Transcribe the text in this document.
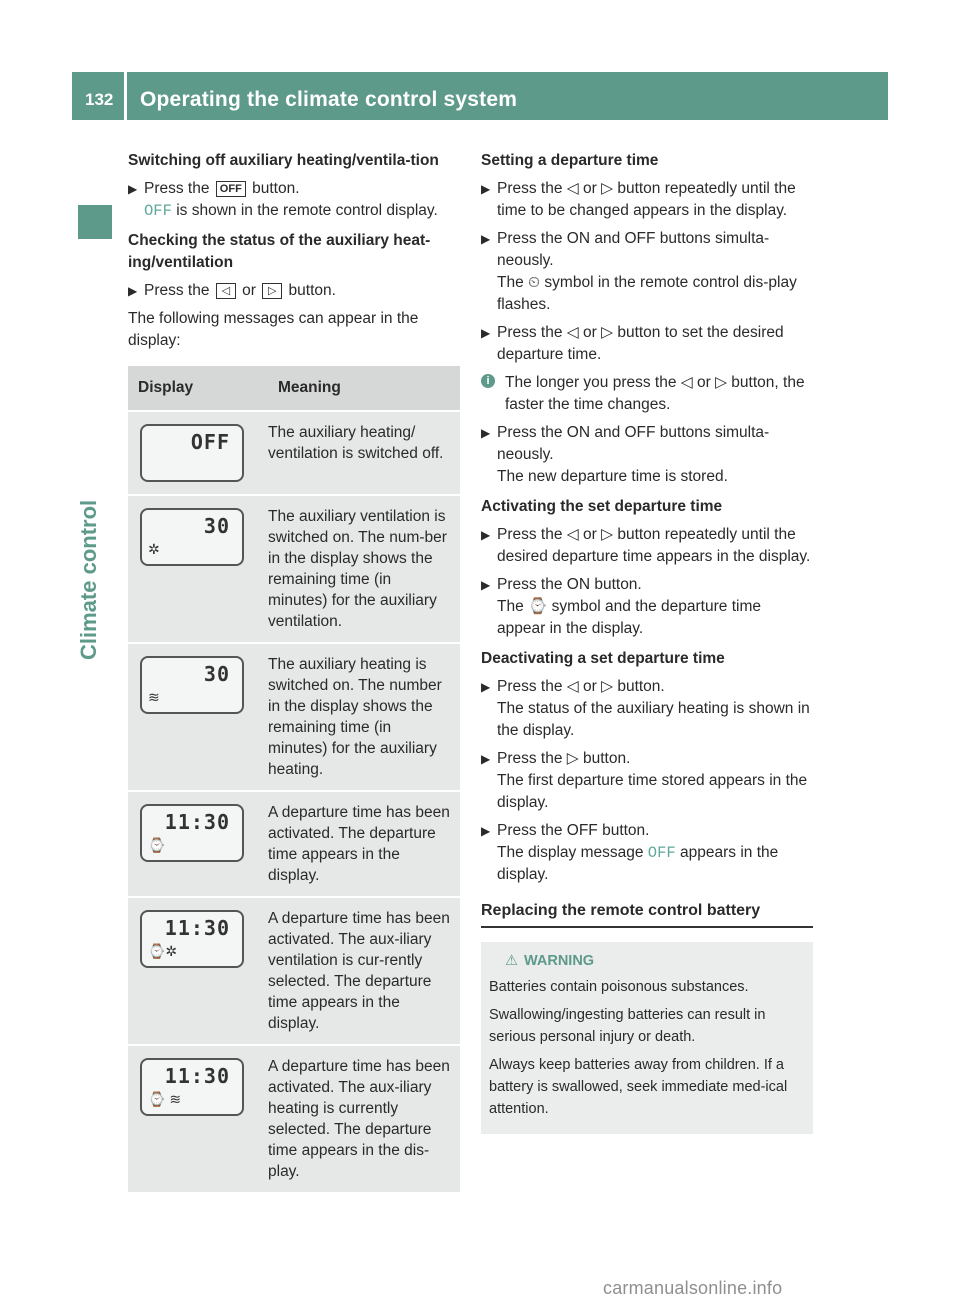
132 Operating the climate control system
Climate control
Switching off auxiliary heating/ventila-tion
▶ Press the OFF button.
OFF is shown in the remote control display.
Checking the status of the auxiliary heat-ing/ventilation
▶ Press the ◁ or ▷ button.

The following messages can appear in the display:

Display	Meaning
OFF	The auxiliary heating/ ventilation is switched off.
30
✲
The auxiliary ventilation is switched on. The num-ber in the display shows the remaining time (in minutes) for the auxiliary ventilation.
30
≋
The auxiliary heating is switched on. The number in the display shows the remaining time (in minutes) for the auxiliary heating.
11:30
⌚
A departure time has been activated. The departure time appears in the display.
11:30
⌚✲
A departure time has been activated. The aux-iliary ventilation is cur-rently selected. The departure time appears in the display.
11:30
⌚ ≋
A departure time has been activated. The aux-iliary heating is currently selected. The departure time appears in the dis-play.
Setting a departure time
▶ Press the ◁ or ▷ button repeatedly until the time to be changed appears in the display.
▶ Press the ON and OFF buttons simulta-neously.
The ⏲ symbol in the remote control dis-play flashes.
▶ Press the ◁ or ▷ button to set the desired departure time.
i The longer you press the ◁ or ▷ button, the faster the time changes.
▶ Press the ON and OFF buttons simulta-neously.
The new departure time is stored.
Activating the set departure time
▶ Press the ◁ or ▷ button repeatedly until the desired departure time appears in the display.
▶ Press the ON button.
The ⌚ symbol and the departure time appear in the display.
Deactivating a set departure time
▶ Press the ◁ or ▷ button.
The status of the auxiliary heating is shown in the display.
▶ Press the ▷ button.
The first departure time stored appears in the display.
▶ Press the OFF button.
The display message OFF appears in the display.
Replacing the remote control battery
⚠ WARNING

Batteries contain poisonous substances.

Swallowing/ingesting batteries can result in serious personal injury or death.

Always keep batteries away from children. If a battery is swallowed, seek immediate med-ical attention.

carmanualsonline.info
